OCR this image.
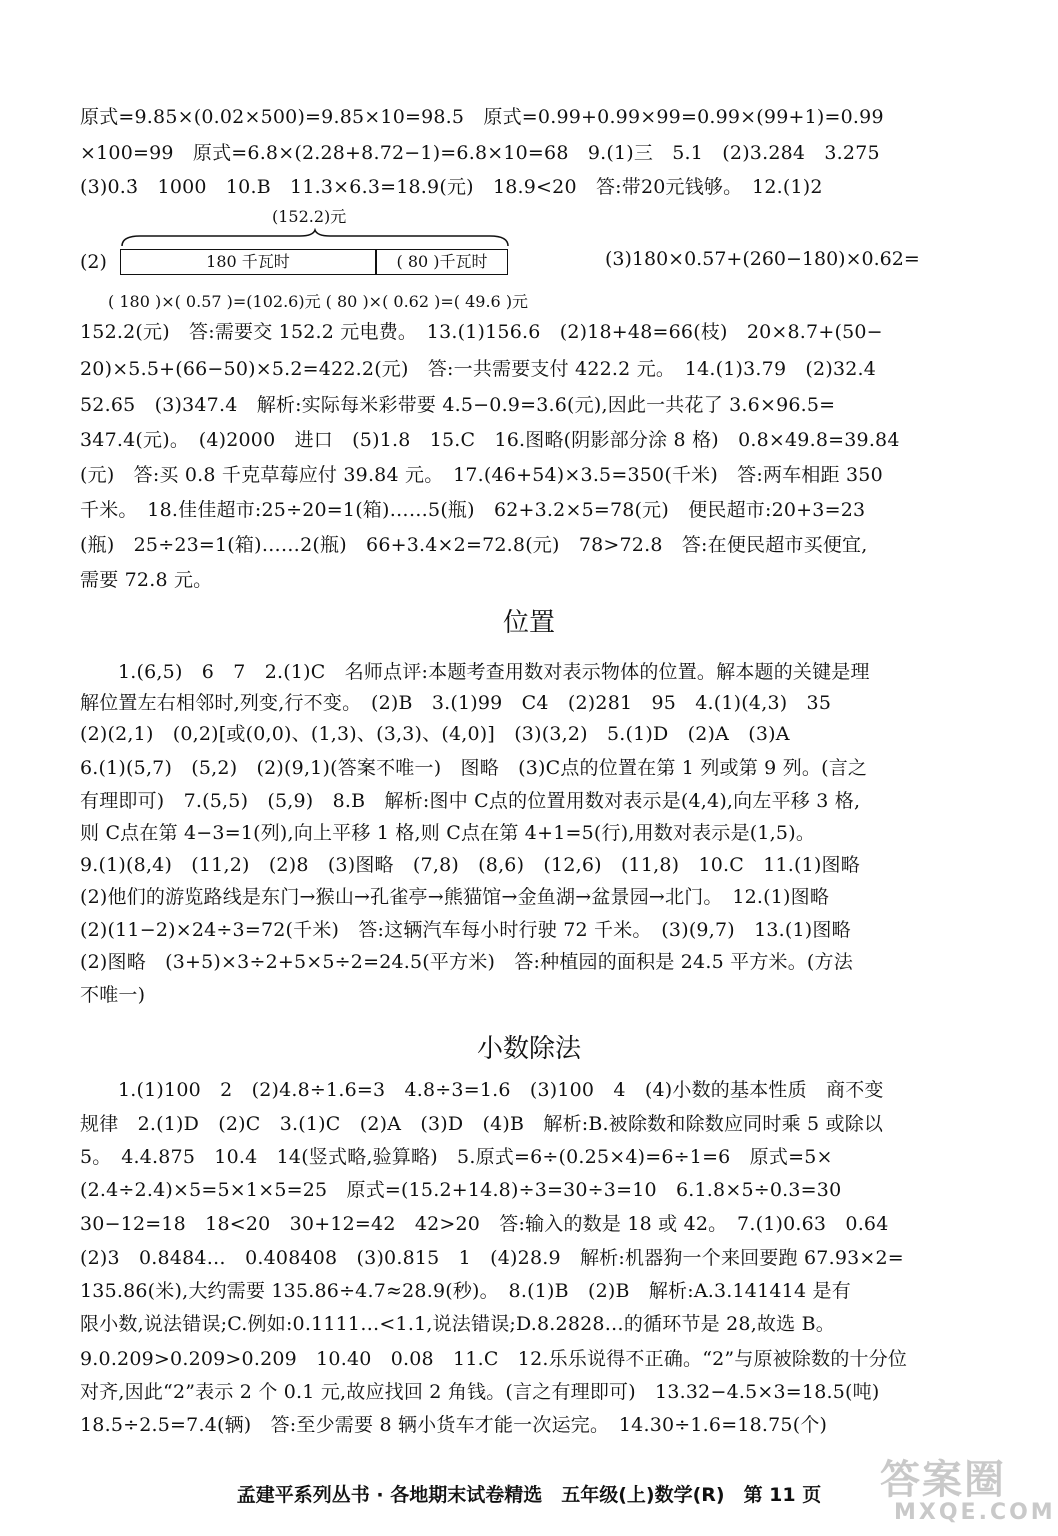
原式=9.85×(0.02×500)=9.85×10=98.5　原式=0.99+0.99×99=0.99×(99+1)=0.99
×100=99　原式=6.8×(2.28+8.72−1)=6.8×10=68　9.(1)三　5.1　(2)3.284　3.275
(3)0.3̇　1000　10.B　11.3×6.3=18.9(元)　18.9<20　答:带20元钱够。　12.(1)2
(152.2)元
(2)	180 千瓦时	( 80 )千瓦时	(3)180×0.57+(260−180)×0.62=
( 180 )×( 0.57 )=(102.6)元 ( 80 )×( 0.62 )=( 49.6 )元
152.2(元)　答:需要交 152.2 元电费。　13.(1)156.6　(2)18+48=66(枝)　20×8.7+(50−
20)×5.5+(66−50)×5.2=422.2(元)　答:一共需要支付 422.2 元。　14.(1)3.79　(2)32.4
52.65　(3)347.4　解析:实际每米彩带要 4.5−0.9=3.6(元),因此一共花了 3.6×96.5=
347.4(元)。　(4)2000　进口　(5)1.8　15.C　16.图略(阴影部分涂 8 格)　0.8×49.8=39.84
(元)　答:买 0.8 千克草莓应付 39.84 元。　17.(46+54)×3.5=350(千米)　答:两车相距 350
千米。　18.佳佳超市:25÷20=1(箱)……5(瓶)　62+3.2×5=78(元)　便民超市:20+3=23
(瓶)　25÷23=1(箱)……2(瓶)　66+3.4×2=72.8(元)　78>72.8　答:在便民超市买便宜,
需要 72.8 元。
位置
1.(6,5)　6　7　2.(1)C　名师点评:本题考查用数对表示物体的位置。解本题的关键是理
解位置左右相邻时,列变,行不变。　(2)B　3.(1)99　C4　(2)281　95　4.(1)(4,3)　35
(2)(2,1)　(0,2)[或(0,0)、(1,3)、(3,3)、(4,0)]　(3)(3,2)　5.(1)D　(2)A　(3)A
6.(1)(5,7)　(5,2)　(2)(9,1)(答案不唯一)　图略　(3)C点的位置在第 1 列或第 9 列。(言之
有理即可)　7.(5,5)　(5,9)　8.B　解析:图中 C点的位置用数对表示是(4,4),向左平移 3 格,
则 C点在第 4−3=1(列),向上平移 1 格,则 C点在第 4+1=5(行),用数对表示是(1,5)。
9.(1)(8,4)　(11,2)　(2)8　(3)图略　(7,8)　(8,6)　(12,6)　(11,8)　10.C　11.(1)图略
(2)他们的游览路线是东门→猴山→孔雀亭→熊猫馆→金鱼湖→盆景园→北门。　12.(1)图略
(2)(11−2)×24÷3=72(千米)　答:这辆汽车每小时行驶 72 千米。　(3)(9,7)　13.(1)图略
(2)图略　(3+5)×3÷2+5×5÷2=24.5(平方米)　答:种植园的面积是 24.5 平方米。(方法
不唯一)
小数除法
1.(1)100　2　(2)4.8÷1.6=3　4.8÷3=1.6　(3)100　4　(4)小数的基本性质　商不变
规律　2.(1)D　(2)C　3.(1)C　(2)A　(3)D　(4)B　解析:B.被除数和除数应同时乘 5 或除以
5。　4.4.875　10.4　14(竖式略,验算略)　5.原式=6÷(0.25×4)=6÷1=6　原式=5×
(2.4÷2.4)×5=5×1×5=25　原式=(15.2+14.8)÷3=30÷3=10　6.1.8×5÷0.3=30
30−12=18　18<20　30+12=42　42>20　答:输入的数是 18 或 42。　7.(1)0.63　0.64
(2)3　0.8484…　0.408408　(3)0.815　1　(4)28.9　解析:机器狗一个来回要跑 67.93×2=
135.86(米),大约需要 135.86÷4.7≈28.9(秒)。　8.(1)B　(2)B　解析:A.3.141414 是有
限小数,说法错误;C.例如:0.1111…<1.1,说法错误;D.8.2828…的循环节是 28,故选 B。
9.0.209>0.209>0.209　10.40　0.08　11.C　12.乐乐说得不正确。“2”与原被除数的十分位
对齐,因此“2”表示 2 个 0.1 元,故应找回 2 角钱。(言之有理即可)　13.32−4.5×3=18.5(吨)
18.5÷2.5=7.4(辆)　答:至少需要 8 辆小货车才能一次运完。　14.30÷1.6=18.75(个)
孟建平系列丛书 · 各地期末试卷精选　五年级(上)数学(R)　第 11 页	答案圈
MXQE.COM
